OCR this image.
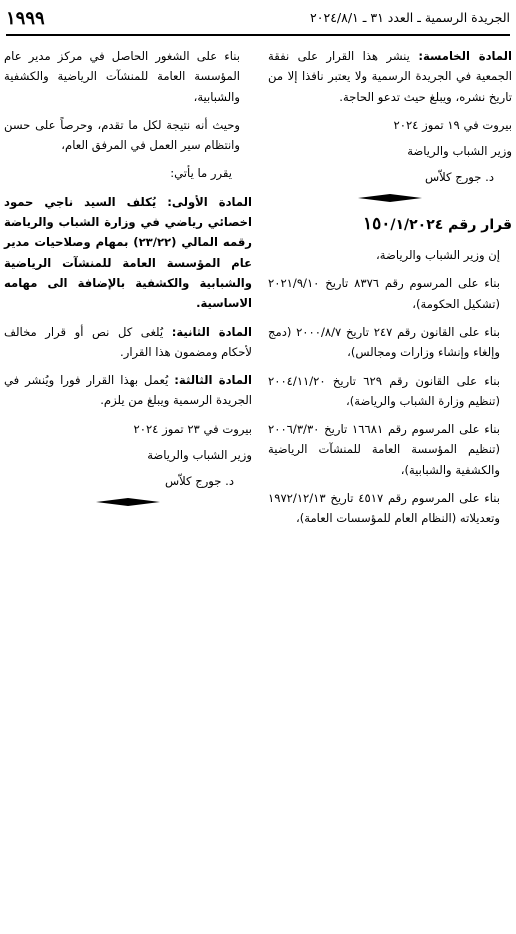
١٩٩٩	الجريدة الرسمية ـ العدد ٣١ ـ ٢٠٢٤/٨/١

المادة الخامسة: ينشر هذا القرار على نفقة الجمعية في الجريدة الرسمية ولا يعتبر نافذا إلا من تاريخ نشره، ويبلغ حيث تدعو الحاجة.

بيروت في ١٩ تموز ٢٠٢٤

وزير الشباب والرياضة

د. جورج كلاّس

قرار رقم ١٥٠/١/٢٠٢٤

إن وزير الشباب والرياضة،

بناء على المرسوم رقم ٨٣٧٦ تاريخ ٢٠٢١/٩/١٠ (تشكيل الحكومة)،

بناء على القانون رقم ٢٤٧ تاريخ ٢٠٠٠/٨/٧ (دمج وإلغاء وإنشاء وزارات ومجالس)،

بناء على القانون رقم ٦٢٩ تاريخ ٢٠٠٤/١١/٢٠ (تنظيم وزارة الشباب والرياضة)،

بناء على المرسوم رقم ١٦٦٨١ تاريخ ٢٠٠٦/٣/٣٠ (تنظيم المؤسسة العامة للمنشآت الرياضية والكشفية والشبابية)،

بناء على المرسوم رقم ٤٥١٧ تاريخ ١٩٧٢/١٢/١٣ وتعديلاته (النظام العام للمؤسسات العامة)،

بناء على الشغور الحاصل في مركز مدير عام المؤسسة العامة للمنشآت الرياضية والكشفية والشبابية،

وحيث أنه نتيجة لكل ما تقدم، وحرصاً على حسن وانتظام سير العمل في المرفق العام،

يقرر ما يأتي:

المادة الأولى: يُكلف السيد ناجي حمود اخصائي رياضي في وزارة الشباب والرياضة رقمه المالي (٢٣/٢٢) بمهام وصلاحيات مدير عام المؤسسة العامة للمنشآت الرياضية والشبابية والكشفية بالإضافة الى مهامه الاساسية.

المادة الثانية: يُلغى كل نص أو قرار مخالف لأحكام ومضمون هذا القرار.

المادة الثالثة: يُعمل بهذا القرار فورا ويُنشر في الجريدة الرسمية ويبلغ من يلزم.

بيروت في ٢٣ تموز ٢٠٢٤

وزير الشباب والرياضة

د. جورج كلاّس
